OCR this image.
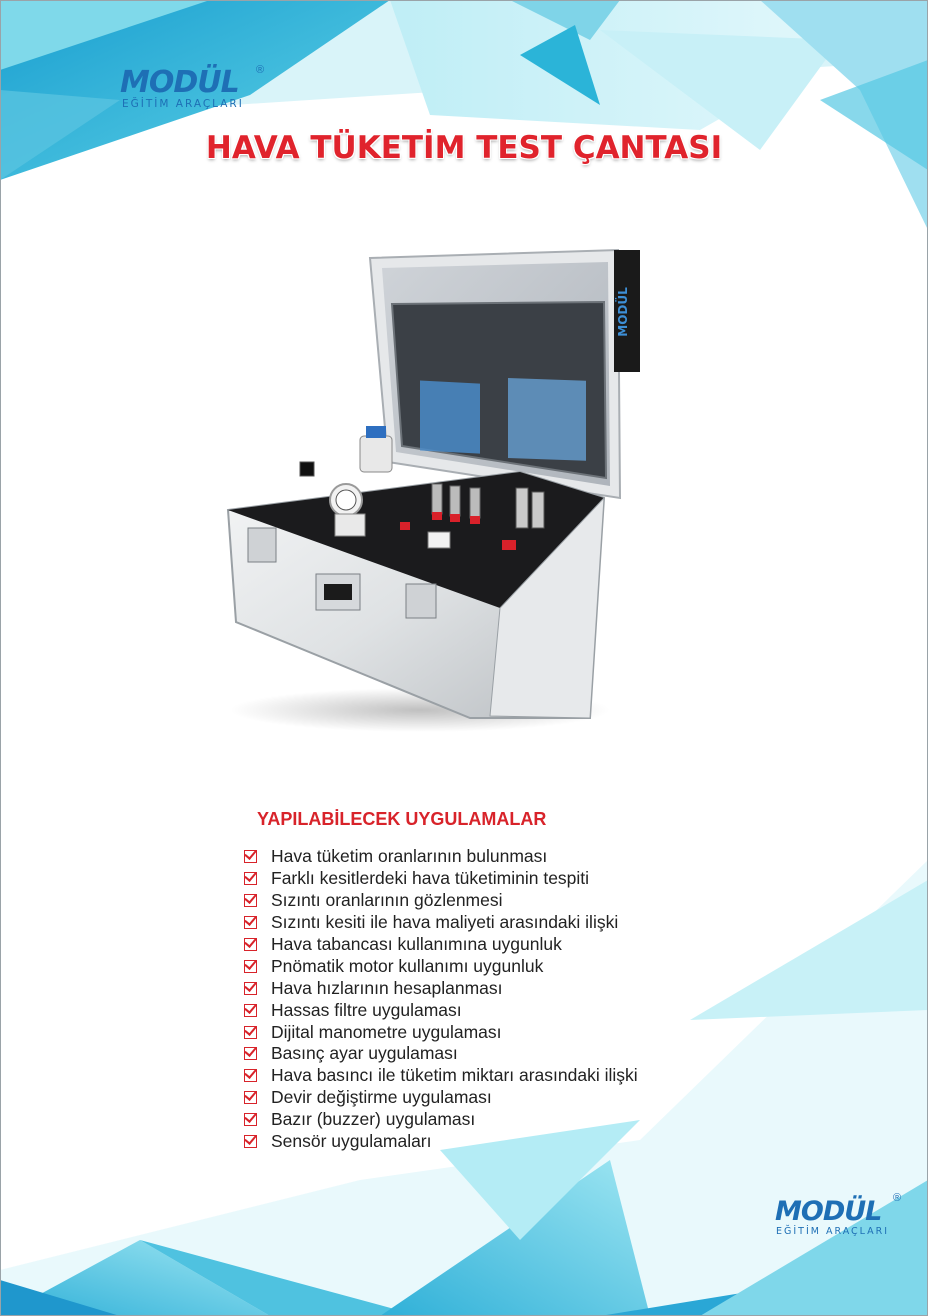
MODÜL
EĞİTİM ARAÇLARI
®
HAVA TÜKETİM TEST ÇANTASI
MODÜL
YAPILABİLECEK UYGULAMALAR
Hava tüketim oranlarının bulunması
Farklı kesitlerdeki hava tüketiminin tespiti
Sızıntı oranlarının gözlenmesi
Sızıntı kesiti ile hava maliyeti arasındaki ilişki
Hava tabancası kullanımına uygunluk
Pnömatik motor kullanımı uygunluk
Hava hızlarının hesaplanması
Hassas filtre uygulaması
Dijital manometre uygulaması
Basınç ayar uygulaması
Hava basıncı ile tüketim miktarı arasındaki ilişki
Devir değiştirme uygulaması
Bazır (buzzer) uygulaması
Sensör uygulamaları
MODÜL
EĞİTİM ARAÇLARI
®
